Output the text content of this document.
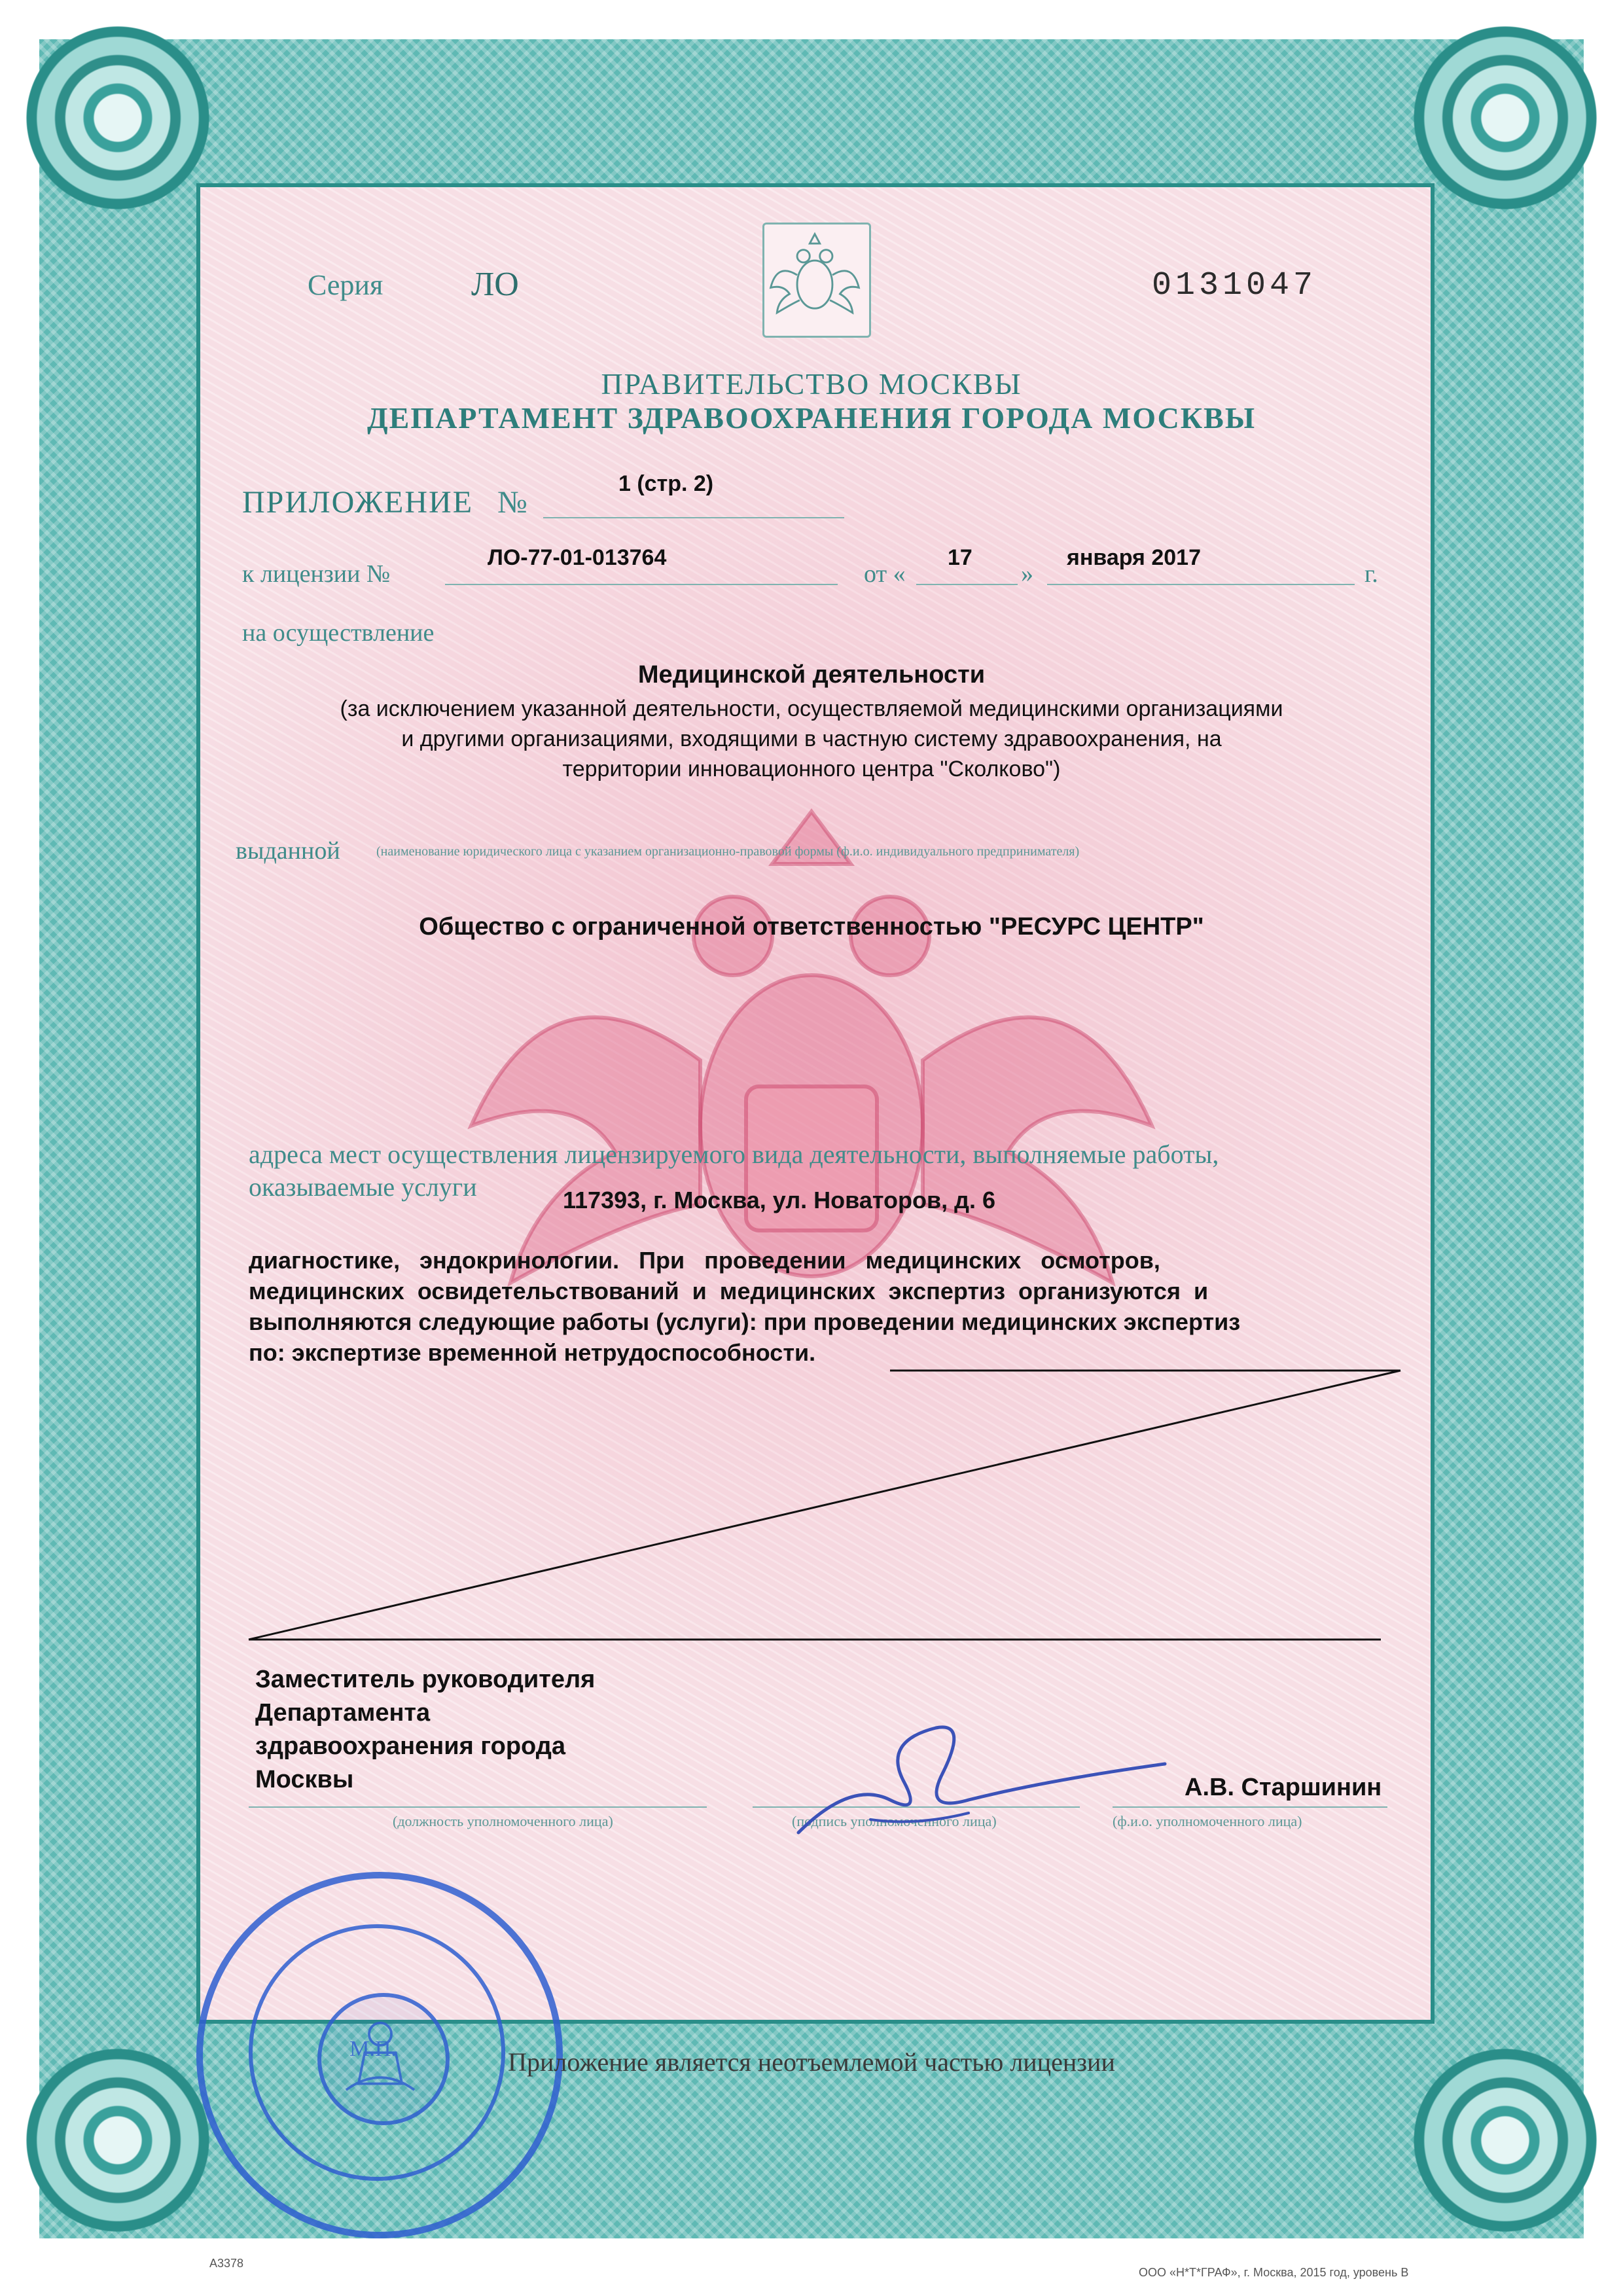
Серия	ЛО	0131047
ПРАВИТЕЛЬСТВО МОСКВЫ
ДЕПАРТАМЕНТ ЗДРАВООХРАНЕНИЯ ГОРОДА МОСКВЫ
ПРИЛОЖЕНИЕ №
1 (стр. 2)
к лицензии №
ЛО-77-01-013764
от «
17
»
января 2017
г.
на осуществление
Медицинской деятельности
(за исключением указанной деятельности, осуществляемой медицинскими организациями
и другими организациями, входящими в частную систему здравоохранения, на
территории инновационного центра "Сколково")
выданной	(наименование юридического лица с указанием организационно-правовой формы (ф.и.о. индивидуального предпринимателя)
Общество с ограниченной ответственностью "РЕСУРС ЦЕНТР"
адреса мест осуществления лицензируемого вида деятельности, выполняемые работы,
оказываемые услуги	117393, г. Москва, ул. Новаторов, д. 6
диагностике,   эндокринологии.   При   проведении   медицинских   осмотров,
медицинских  освидетельствований  и  медицинских  экспертиз  организуются  и
выполняются следующие работы (услуги): при проведении медицинских экспертиз
по: экспертизе временной нетрудоспособности.
Заместитель руководителя
Департамента
здравоохранения города
Москвы	А.В. Старшинин
(должность уполномоченного лица)	(подпись уполномоченного лица)	(ф.и.о. уполномоченного лица)
М.П.	Приложение является неотъемлемой частью лицензии
А3378
ООО «Н*Т*ГРАФ», г. Москва, 2015 год, уровень В
